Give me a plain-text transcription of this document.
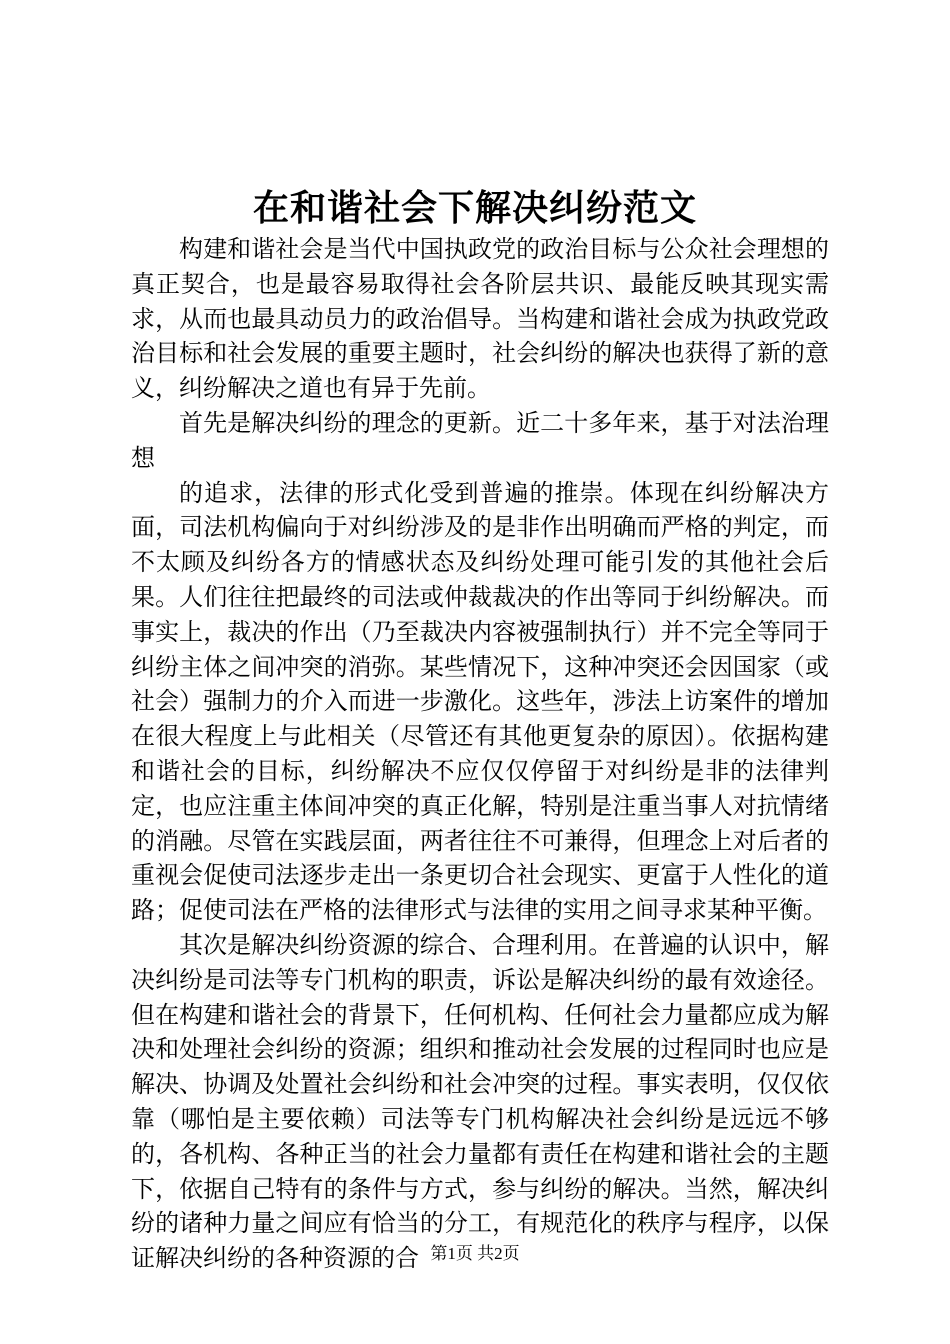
在和谐社会下解决纠纷范文

构建和谐社会是当代中国执政党的政治目标与公众社会理想的真正契合，也是最容易取得社会各阶层共识、最能反映其现实需求，从而也最具动员力的政治倡导。当构建和谐社会成为执政党政治目标和社会发展的重要主题时，社会纠纷的解决也获得了新的意义，纠纷解决之道也有异于先前。

首先是解决纠纷的理念的更新。近二十多年来，基于对法治理想

的追求，法律的形式化受到普遍的推崇。体现在纠纷解决方面，司法机构偏向于对纠纷涉及的是非作出明确而严格的判定，而不太顾及纠纷各方的情感状态及纠纷处理可能引发的其他社会后果。人们往往把最终的司法或仲裁裁决的作出等同于纠纷解决。而事实上，裁决的作出（乃至裁决内容被强制执行）并不完全等同于纠纷主体之间冲突的消弥。某些情况下，这种冲突还会因国家（或社会）强制力的介入而进一步激化。这些年，涉法上访案件的增加在很大程度上与此相关（尽管还有其他更复杂的原因）。依据构建和谐社会的目标，纠纷解决不应仅仅停留于对纠纷是非的法律判定，也应注重主体间冲突的真正化解，特别是注重当事人对抗情绪的消融。尽管在实践层面，两者往往不可兼得，但理念上对后者的重视会促使司法逐步走出一条更切合社会现实、更富于人性化的道路；促使司法在严格的法律形式与法律的实用之间寻求某种平衡。

其次是解决纠纷资源的综合、合理利用。在普遍的认识中，解决纠纷是司法等专门机构的职责，诉讼是解决纠纷的最有效途径。但在构建和谐社会的背景下，任何机构、任何社会力量都应成为解决和处理社会纠纷的资源；组织和推动社会发展的过程同时也应是解决、协调及处置社会纠纷和社会冲突的过程。事实表明，仅仅依靠（哪怕是主要依赖）司法等专门机构解决社会纠纷是远远不够的，各机构、各种正当的社会力量都有责任在构建和谐社会的主题下，依据自己特有的条件与方式，参与纠纷的解决。当然，解决纠纷的诸种力量之间应有恰当的分工，有规范化的秩序与程序，以保证解决纠纷的各种资源的合 第1页 共2页
